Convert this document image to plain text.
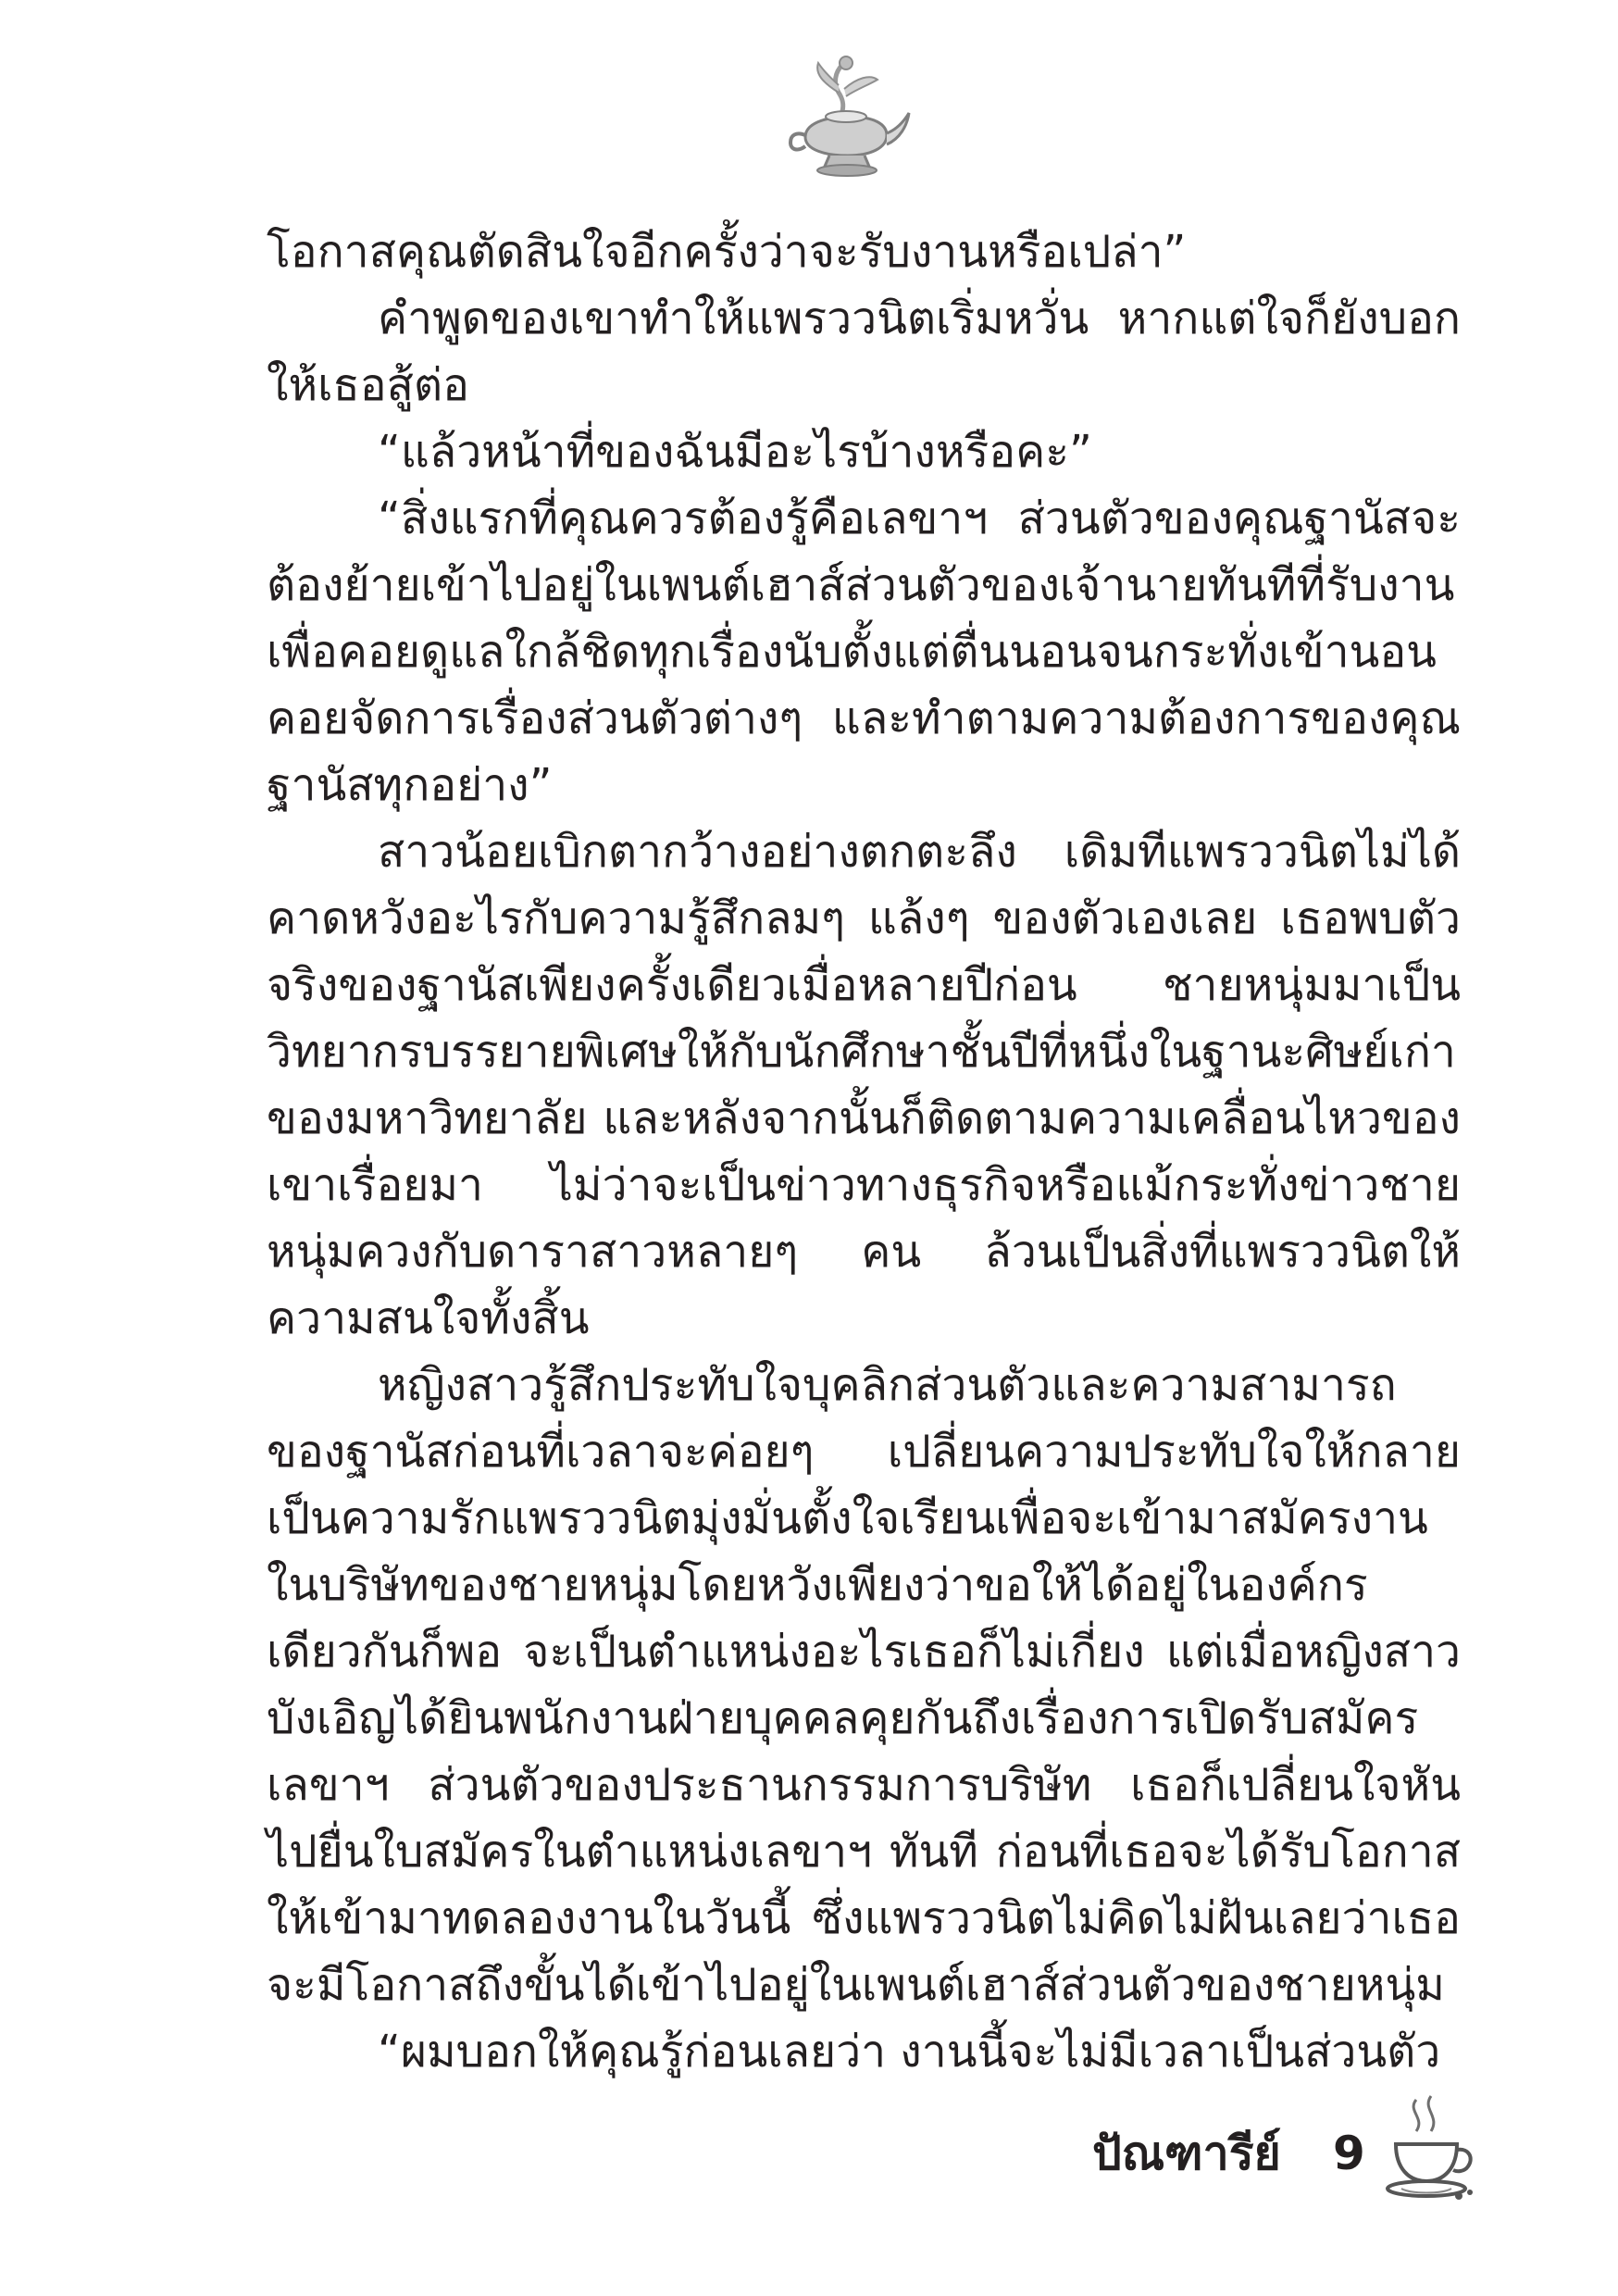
โอกาสคุณตัดสินใจอีกครั้งว่าจะรับงานหรือเปล่า”

คำพูดของเขาทำให้แพรววนิตเริ่มหวั่น หากแต่ใจก็ยังบอกให้เธอสู้ต่อ

“แล้วหน้าที่ของฉันมีอะไรบ้างหรือคะ”

“สิ่งแรกที่คุณควรต้องรู้คือเลขาฯ ส่วนตัวของคุณฐานัสจะต้องย้ายเข้าไปอยู่ในเพนต์เฮาส์ส่วนตัวของเจ้านายทันทีที่รับงาน เพื่อคอยดูแลใกล้ชิดทุกเรื่องนับตั้งแต่ตื่นนอนจนกระทั่งเข้านอน คอยจัดการเรื่องส่วนตัวต่างๆ และทำตามความต้องการของคุณฐานัสทุกอย่าง”

สาวน้อยเบิกตากว้างอย่างตกตะลึง เดิมทีแพรววนิตไม่ได้คาดหวังอะไรกับความรู้สึกลมๆ แล้งๆ ของตัวเองเลย เธอพบตัวจริงของฐานัสเพียงครั้งเดียวเมื่อหลายปีก่อน ชายหนุ่มมาเป็นวิทยากรบรรยายพิเศษให้กับนักศึกษาชั้นปีที่หนึ่งในฐานะศิษย์เก่าของมหาวิทยาลัย และหลังจากนั้นก็ติดตามความเคลื่อนไหวของเขาเรื่อยมา ไม่ว่าจะเป็นข่าวทางธุรกิจหรือแม้กระทั่งข่าวชายหนุ่มควงกับดาราสาวหลายๆ คน ล้วนเป็นสิ่งที่แพรววนิตให้ความสนใจทั้งสิ้น

หญิงสาวรู้สึกประทับใจบุคลิกส่วนตัวและความสามารถของฐานัสก่อนที่เวลาจะค่อยๆ เปลี่ยนความประทับใจให้กลายเป็นความรักแพรววนิตมุ่งมั่นตั้งใจเรียนเพื่อจะเข้ามาสมัครงานในบริษัทของชายหนุ่มโดยหวังเพียงว่าขอให้ได้อยู่ในองค์กรเดียวกันก็พอ จะเป็นตำแหน่งอะไรเธอก็ไม่เกี่ยง แต่เมื่อหญิงสาวบังเอิญได้ยินพนักงานฝ่ายบุคคลคุยกันถึงเรื่องการเปิดรับสมัครเลขาฯ ส่วนตัวของประธานกรรมการบริษัท เธอก็เปลี่ยนใจหันไปยื่นใบสมัครในตำแหน่งเลขาฯ ทันที ก่อนที่เธอจะได้รับโอกาสให้เข้ามาทดลองงานในวันนี้ ซึ่งแพรววนิตไม่คิดไม่ฝันเลยว่าเธอจะมีโอกาสถึงขั้นได้เข้าไปอยู่ในเพนต์เฮาส์ส่วนตัวของชายหนุ่ม

“ผมบอกให้คุณรู้ก่อนเลยว่า งานนี้จะไม่มีเวลาเป็นส่วนตัว

ปัณฑารีย์ 9
